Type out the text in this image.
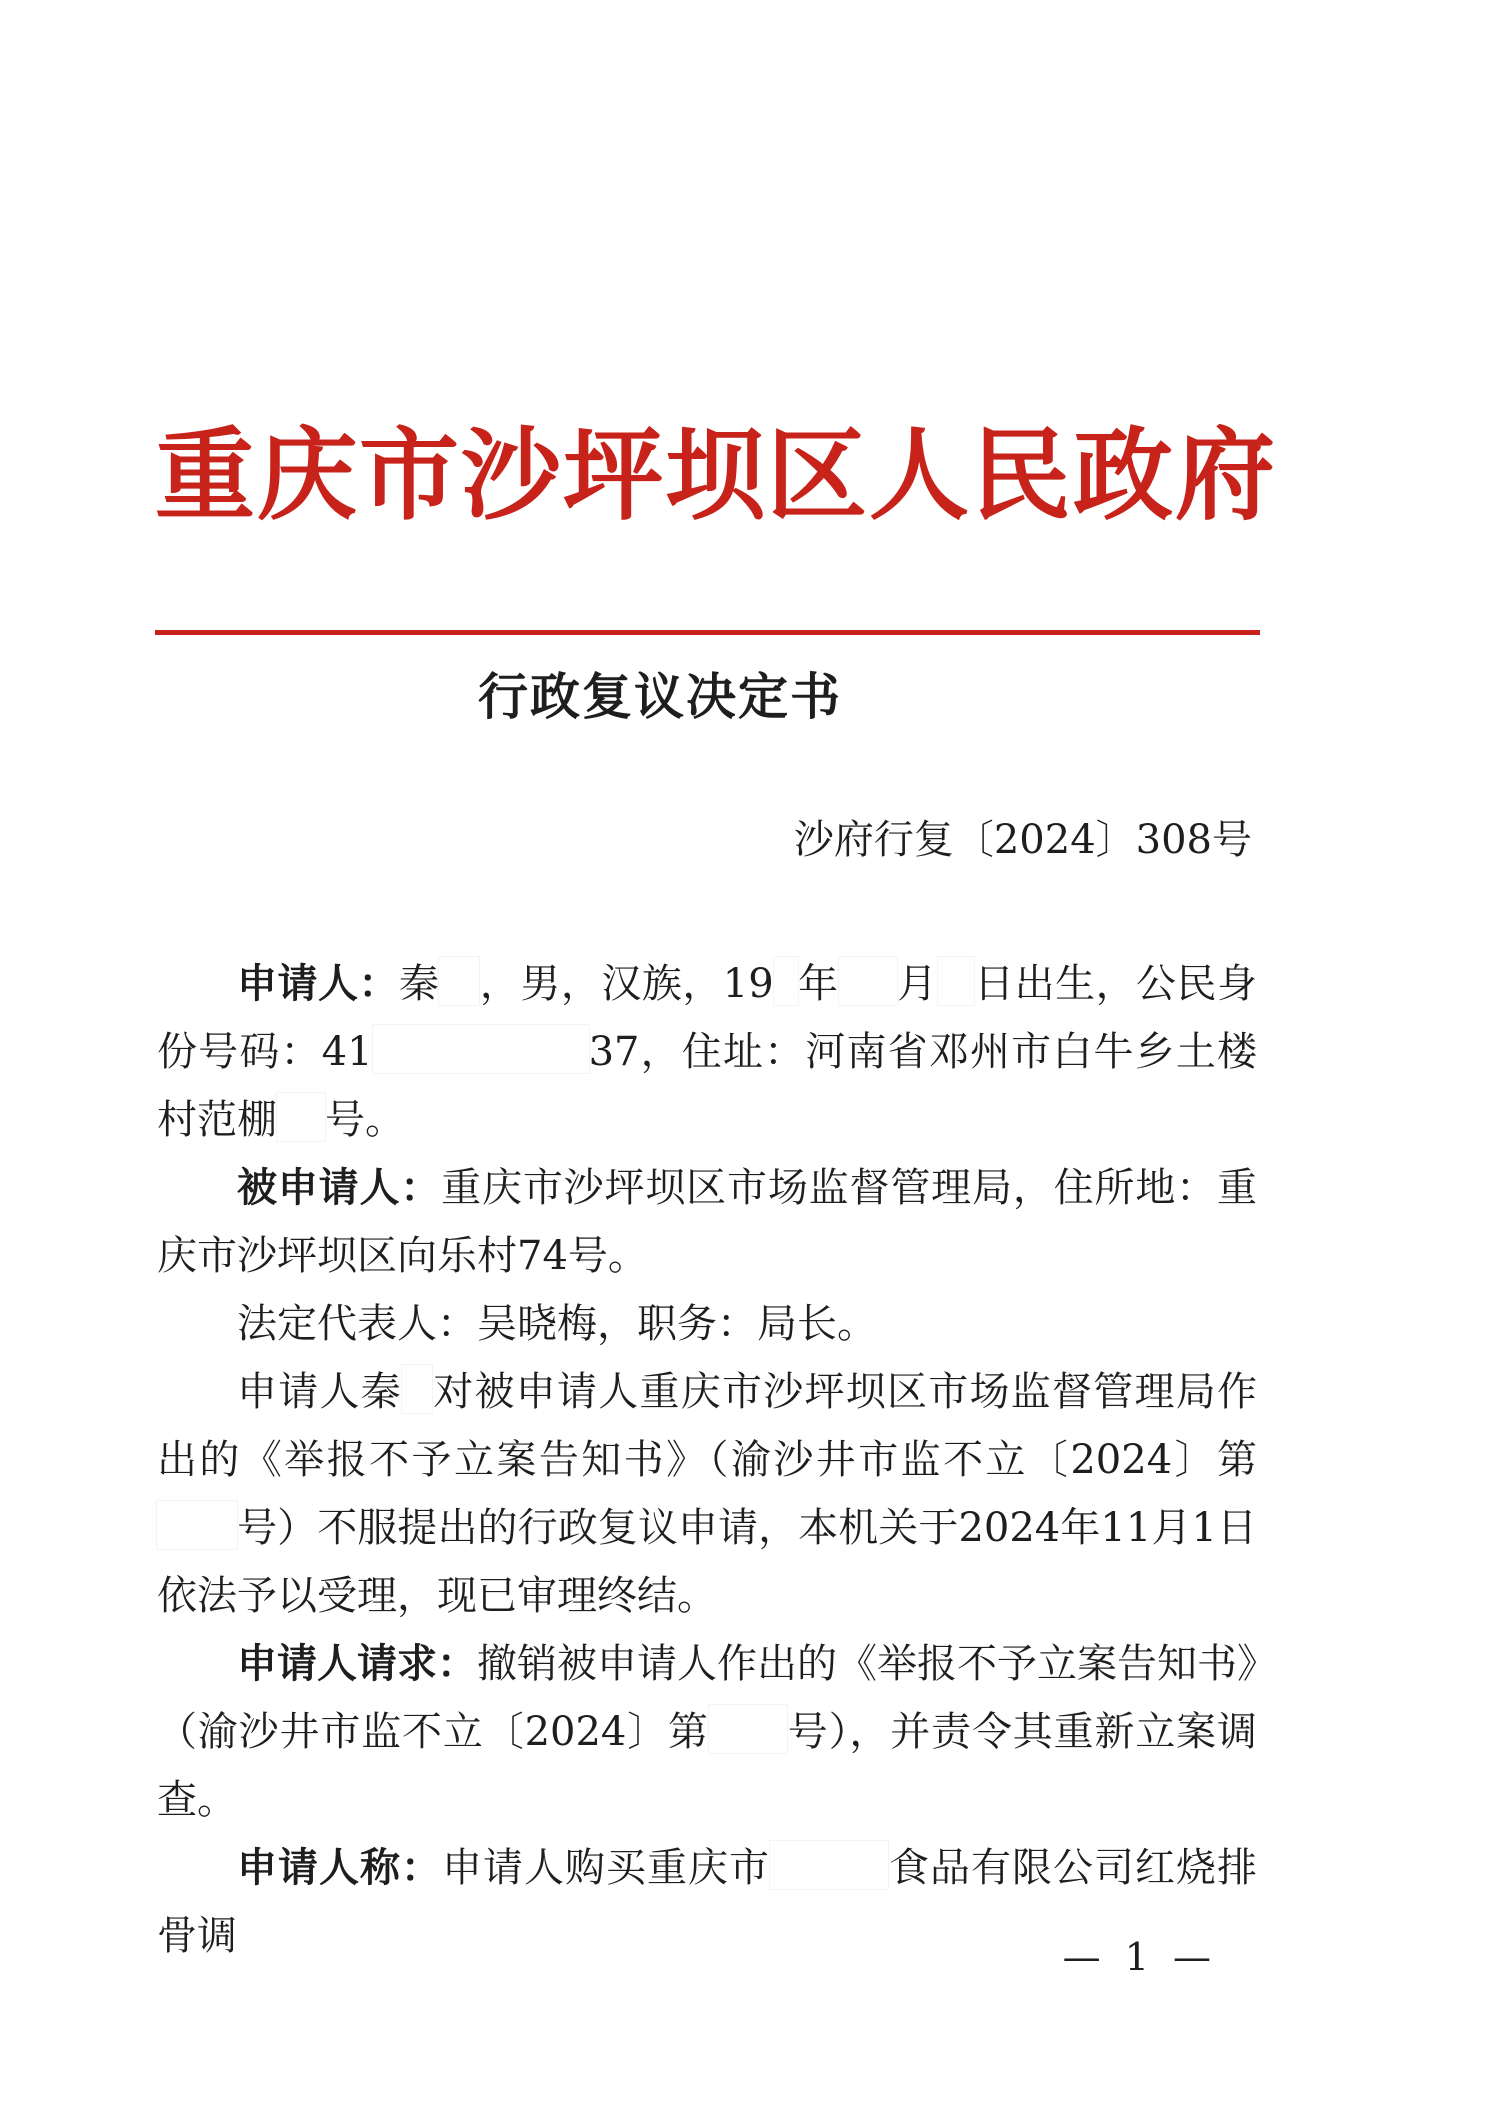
重庆市沙坪坝区人民政府
行政复议决定书
沙府行复〔2024〕308号

申请人：秦 ，男，汉族，19 年 月 日出生，公民身份号码：41	37，住址：河南省邓州市白牛乡土楼村范棚 号。

被申请人：重庆市沙坪坝区市场监督管理局，住所地：重庆市沙坪坝区向乐村74号。

法定代表人：吴晓梅，职务：局长。

申请人秦 对被申请人重庆市沙坪坝区市场监督管理局作出的《举报不予立案告知书》（渝沙井市监不立〔2024〕第号）不服提出的行政复议申请，本机关于2024年11月1日依法予以受理，现已审理终结。

申请人请求：撤销被申请人作出的《举报不予立案告知书》（渝沙井市监不立〔2024〕第 号），并责令其重新立案调查。

申请人称：申请人购买重庆市	食品有限公司红烧排骨调	— 1 —
